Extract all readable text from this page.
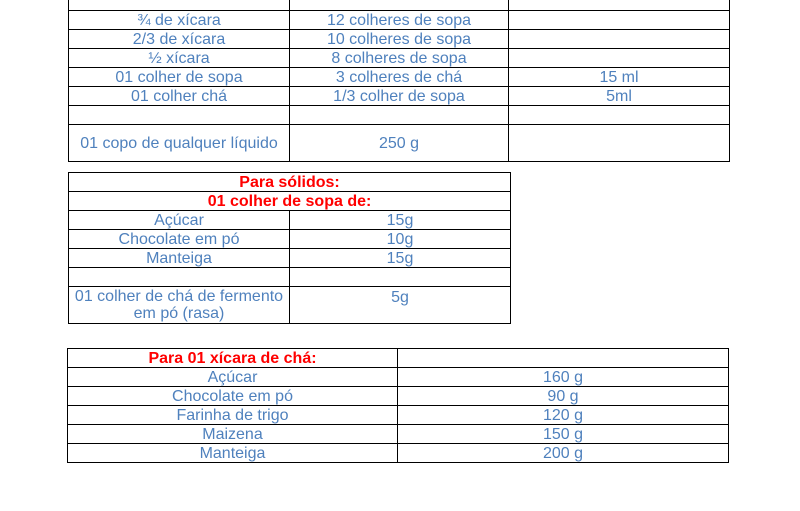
¾ de xícara	12 colheres de sopa	
2/3 de xícara	10 colheres de sopa	
½ xícara	8 colheres de sopa	
01 colher de sopa	3 colheres de chá	15 ml
01 colher chá	1/3 colher de sopa	5ml

01 copo de qualquer líquido	250 g	
Para sólidos:	
01 colher de sopa de:	
Açúcar	15g
Chocolate em pó	10g
Manteiga	15g

01 colher de chá de fermento em pó (rasa)	5g
Para 01 xícara de chá:	
Açúcar	160 g
Chocolate em pó	90 g
Farinha de trigo	120 g
Maizena	150 g
Manteiga	200 g
